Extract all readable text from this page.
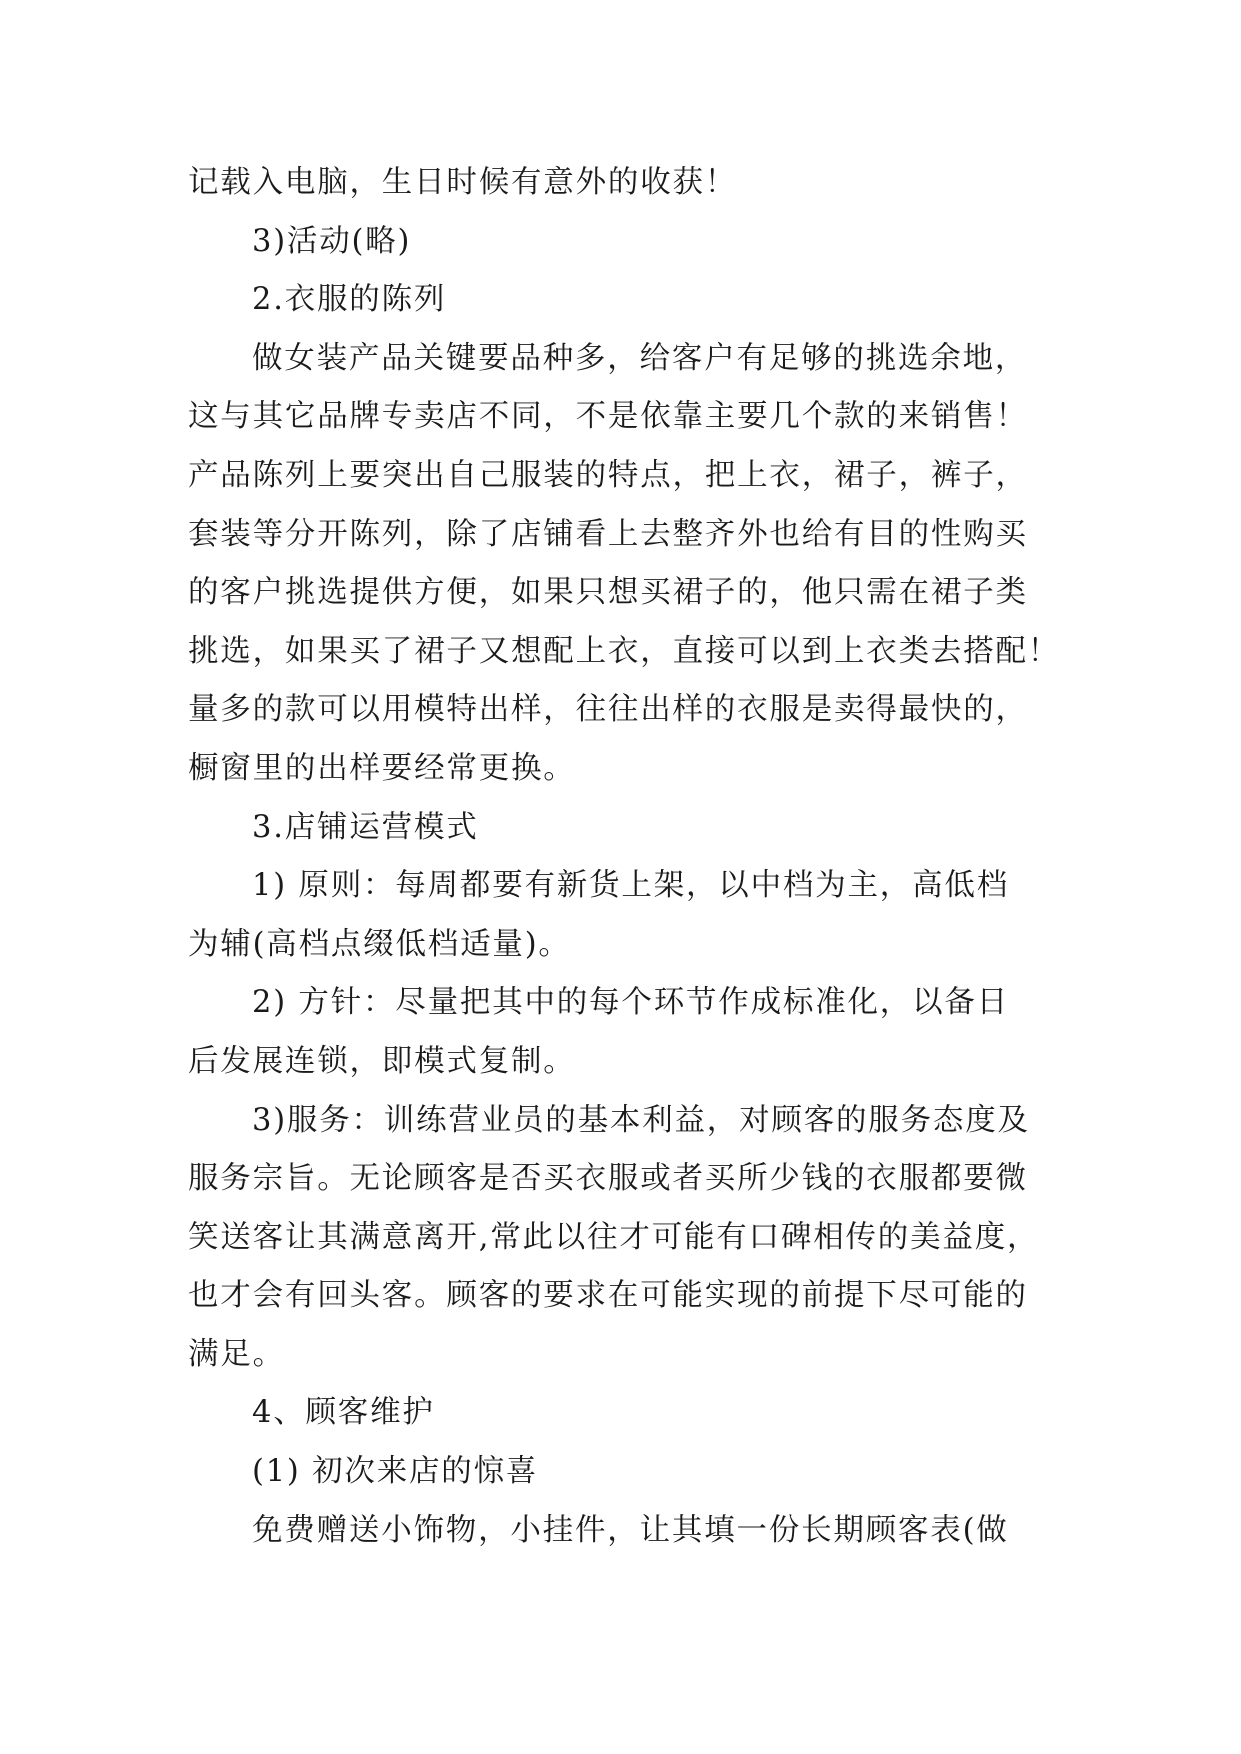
记载入电脑，生日时候有意外的收获！
3)活动(略)
2.衣服的陈列
做女装产品关键要品种多，给客户有足够的挑选余地，
这与其它品牌专卖店不同，不是依靠主要几个款的来销售！
产品陈列上要突出自己服装的特点，把上衣，裙子，裤子，
套装等分开陈列，除了店铺看上去整齐外也给有目的性购买
的客户挑选提供方便，如果只想买裙子的，他只需在裙子类
挑选，如果买了裙子又想配上衣，直接可以到上衣类去搭配！
量多的款可以用模特出样，往往出样的衣服是卖得最快的，
橱窗里的出样要经常更换。
3.店铺运营模式
1) 原则：每周都要有新货上架，以中档为主，高低档
为辅(高档点缀低档适量)。
2) 方针：尽量把其中的每个环节作成标准化，以备日
后发展连锁，即模式复制。
3)服务：训练营业员的基本利益，对顾客的服务态度及
服务宗旨。无论顾客是否买衣服或者买所少钱的衣服都要微
笑送客让其满意离开,常此以往才可能有口碑相传的美益度，
也才会有回头客。顾客的要求在可能实现的前提下尽可能的
满足。
4、顾客维护
(1) 初次来店的惊喜
免费赠送小饰物，小挂件，让其填一份长期顾客表(做
